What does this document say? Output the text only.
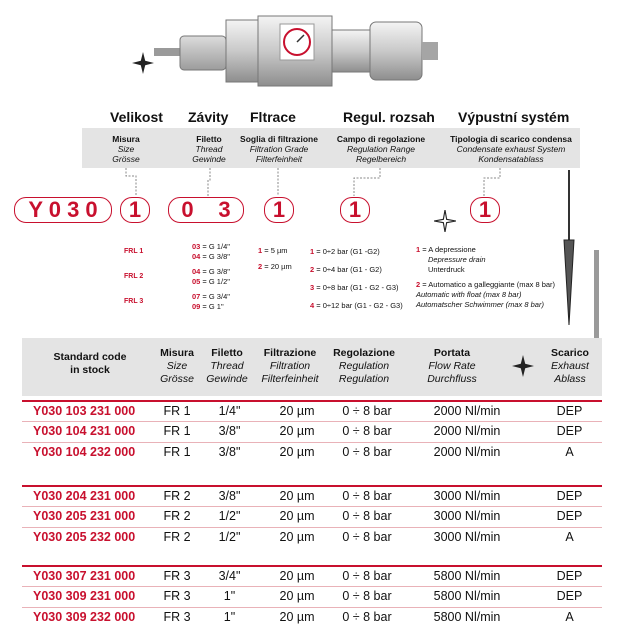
Velikost Závity Fltrace	Regul. rozsah Výpustní systém
Misura
Size
Grösse
Filetto
Thread
Gewinde
Soglia di filtrazione
Filtration Grade
Filterfeinheit
Campo di regolazione
Regulation Range
Regelbereich
Tipologia di scarico condensa
Condensate exhaust System
Kondensatablass
Y 0 3 0	1	0 3	1	1	1
FRL 1
FRL 2
FRL 3
03 = G 1/4"
04 = G 3/8"
04 = G 3/8"
05 = G 1/2"
07 = G 3/4"
09 = G 1"
1 = 5 µm
2 = 20 µm
1 = 0÷2 bar (G1 -G2)
2 = 0÷4 bar (G1 - G2)
3 = 0÷8 bar (G1 - G2 - G3)
4 = 0÷12 bar (G1 - G2 - G3)
1 = A depressione
Depressure drain
Unterdruck
2 = Automatico a galleggiante (max 8 bar)
Automatic with float (max 8 bar)
Automatscher Schwimmer (max 8 bar)
Standard code
in stock
Misura
Size
Grösse
Filetto
Thread
Gewinde
Filtrazione
Filtration
Filterfeinheit
Regolazione
Regulation
Regulation
Portata
Flow Rate
Durchfluss
Scarico
Exhaust
Ablass
Y030 103 231 000	FR 1	1/4"	20 µm	0 ÷ 8 bar	2000 Nl/min	DEP
Y030 104 231 000	FR 1	3/8"	20 µm	0 ÷ 8 bar	2000 Nl/min	DEP
Y030 104 232 000	FR 1	3/8"	20 µm	0 ÷ 8 bar	2000 Nl/min	A
Y030 204 231 000	FR 2	3/8"	20 µm	0 ÷ 8 bar	3000 Nl/min	DEP
Y030 205 231 000	FR 2	1/2"	20 µm	0 ÷ 8 bar	3000 Nl/min	DEP
Y030 205 232 000	FR 2	1/2"	20 µm	0 ÷ 8 bar	3000 Nl/min	A
Y030 307 231 000	FR 3	3/4"	20 µm	0 ÷ 8 bar	5800 Nl/min	DEP
Y030 309 231 000	FR 3	1"	20 µm	0 ÷ 8 bar	5800 Nl/min	DEP
Y030 309 232 000	FR 3	1"	20 µm	0 ÷ 8 bar	5800 Nl/min	A
